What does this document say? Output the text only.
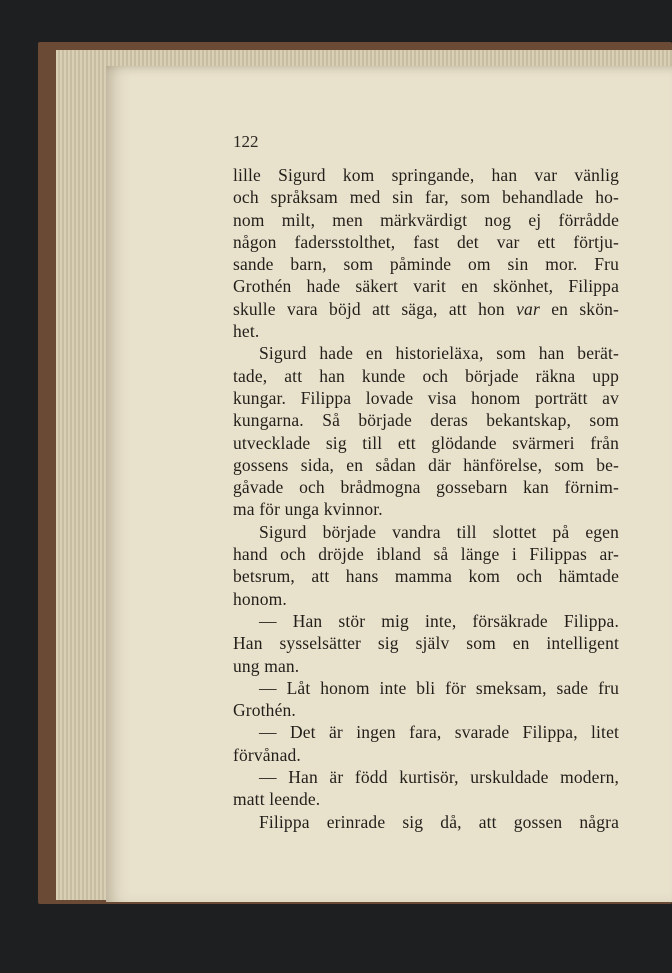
122
lille Sigurd kom springande, han var vänlig
och språksam med sin far, som behandlade ho-
nom milt, men märkvärdigt nog ej förrådde
någon fadersstolthet, fast det var ett förtju-
sande barn, som påminde om sin mor. Fru
Grothén hade säkert varit en skönhet, Filippa
skulle vara böjd att säga, att hon var en skön-
het.
Sigurd hade en historieläxa, som han berät-
tade, att han kunde och började räkna upp
kungar. Filippa lovade visa honom porträtt av
kungarna. Så började deras bekantskap, som
utvecklade sig till ett glödande svärmeri från
gossens sida, en sådan där hänförelse, som be-
gåvade och brådmogna gossebarn kan förnim-
ma för unga kvinnor.
Sigurd började vandra till slottet på egen
hand och dröjde ibland så länge i Filippas ar-
betsrum, att hans mamma kom och hämtade
honom.
— Han stör mig inte, försäkrade Filippa.
Han sysselsätter sig själv som en intelligent
ung man.
— Låt honom inte bli för smeksam, sade fru
Grothén.
— Det är ingen fara, svarade Filippa, litet
förvånad.
— Han är född kurtisör, urskuldade modern,
matt leende.
Filippa erinrade sig då, att gossen några
